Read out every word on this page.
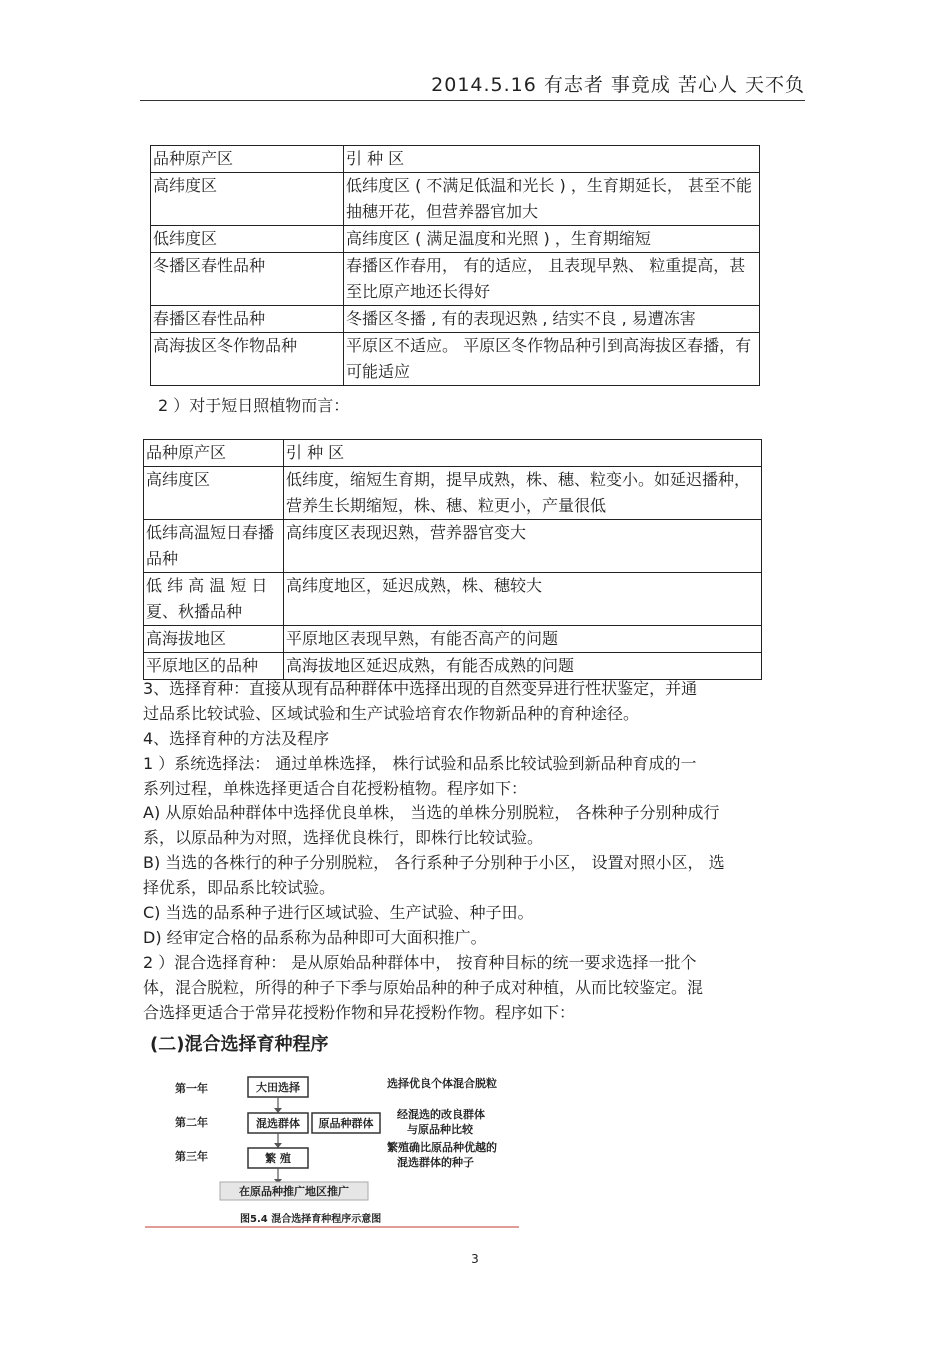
2014.5.16 有志者 事竟成 苦心人 天不负
品种原产区	引 种 区
高纬度区	低纬度区 ( 不满足低温和光长 ) ，生育期延长， 甚至不能抽穗开花，但营养器官加大
低纬度区	高纬度区 ( 满足温度和光照 ) ，生育期缩短
冬播区春性品种	春播区作春用， 有的适应， 且表现早熟、 粒重提高，甚至比原产地还长得好
春播区春性品种	冬播区冬播 , 有的表现迟熟 , 结实不良 , 易遭冻害
高海拔区冬作物品种	平原区不适应。 平原区冬作物品种引到高海拔区春播，有可能适应
2 ）对于短日照植物而言：
品种原产区	引 种 区
高纬度区	低纬度，缩短生育期，提早成熟，株、穗、粒变小。如延迟播种，营养生长期缩短，株、穗、粒更小，产量很低
低纬高温短日春播品种	高纬度区表现迟熟，营养器官变大
低 纬 高 温 短 日夏、秋播品种	高纬度地区，延迟成熟，株、穗较大
高海拔地区	平原地区表现早熟，有能否高产的问题
平原地区的品种	高海拔地区延迟成熟，有能否成熟的问题
3、选择育种：直接从现有品种群体中选择出现的自然变异进行性状鉴定，并通
过品系比较试验、区域试验和生产试验培育农作物新品种的育种途径。
4、选择育种的方法及程序
1 ）系统选择法： 通过单株选择， 株行试验和品系比较试验到新品种育成的一
系列过程，单株选择更适合自花授粉植物。程序如下：
A) 从原始品种群体中选择优良单株， 当选的单株分别脱粒， 各株种子分别种成行
系，以原品种为对照，选择优良株行，即株行比较试验。
B) 当选的各株行的种子分别脱粒， 各行系种子分别种于小区， 设置对照小区， 选
择优系，即品系比较试验。
C) 当选的品系种子进行区域试验、生产试验、种子田。
D) 经审定合格的品系称为品种即可大面积推广。
2 ）混合选择育种： 是从原始品种群体中， 按育种目标的统一要求选择一批个
体，混合脱粒，所得的种子下季与原始品种的种子成对种植，从而比较鉴定。混
合选择更适合于常异花授粉作物和异花授粉作物。程序如下：
(二)混合选择育种程序
第一年
第二年
第三年
大田选择
混选群体 原品种群体
繁 殖
在原品种推广地区推广
选择优良个体混合脱粒
经混选的改良群体
与原品种比较
繁殖确比原品种优越的
混选群体的种子
图5.4 混合选择育种程序示意图
3
